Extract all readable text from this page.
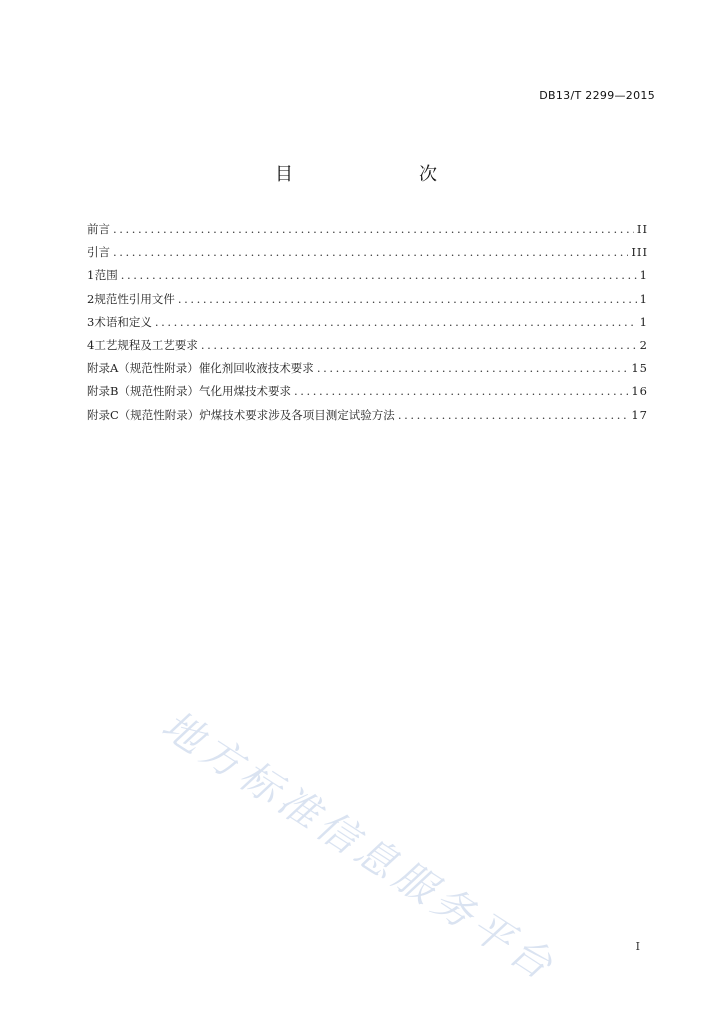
DB13/T 2299—2015
目　　次
前言 .....	II
引言 .....	III
1 范围 .....	1
2 规范性引用文件 .....	1
3 术语和定义 .....	1
4 工艺规程及工艺要求 .....	2
附录A（规范性附录） 催化剂回收液技术要求 .....	15
附录B（规范性附录） 气化用煤技术要求 .....	16
附录C（规范性附录） 炉煤技术要求涉及各项目测定试验方法 .....	17
地方标准信息服务平台	I
